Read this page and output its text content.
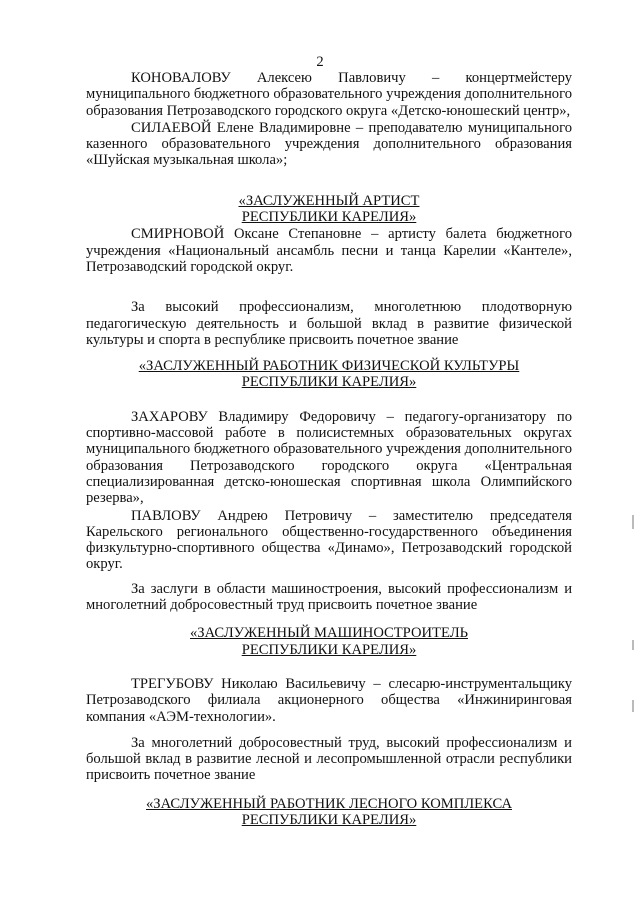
2

КОНОВАЛОВУ Алексею Павловичу – концертмейстеру муниципального бюджетного образовательного учреждения дополнительного образования Петрозаводского городского округа «Детско-юношеский центр»,

СИЛАЕВОЙ Елене Владимировне – преподавателю муниципального казенного образовательного учреждения дополнительного образования «Шуйская музыкальная школа»;

«ЗАСЛУЖЕННЫЙ АРТИСТ
РЕСПУБЛИКИ КАРЕЛИЯ»

СМИРНОВОЙ Оксане Степановне – артисту балета бюджетного учреждения «Национальный ансамбль песни и танца Карелии «Кантеле», Петрозаводский городской округ.

За высокий профессионализм, многолетнюю плодотворную педагогическую деятельность и большой вклад в развитие физической культуры и спорта в республике присвоить почетное звание

«ЗАСЛУЖЕННЫЙ РАБОТНИК ФИЗИЧЕСКОЙ КУЛЬТУРЫ
РЕСПУБЛИКИ КАРЕЛИЯ»

ЗАХАРОВУ Владимиру Федоровичу – педагогу-организатору по спортивно-массовой работе в полисистемных образовательных округах муниципального бюджетного образовательного учреждения дополнительного образования Петрозаводского городского округа «Центральная специализированная детско-юношеская спортивная школа Олимпийского резерва»,

ПАВЛОВУ Андрею Петровичу – заместителю председателя Карельского регионального общественно-государственного объединения физкультурно-спортивного общества «Динамо», Петрозаводский городской округ.

За заслуги в области машиностроения, высокий профессионализм и многолетний добросовестный труд присвоить почетное звание

«ЗАСЛУЖЕННЫЙ МАШИНОСТРОИТЕЛЬ
РЕСПУБЛИКИ КАРЕЛИЯ»

ТРЕГУБОВУ Николаю Васильевичу – слесарю-инструментальщику Петрозаводского филиала акционерного общества «Инжиниринговая компания «АЭМ-технологии».

За многолетний добросовестный труд, высокий профессионализм и большой вклад в развитие лесной и лесопромышленной отрасли республики присвоить почетное звание

«ЗАСЛУЖЕННЫЙ РАБОТНИК ЛЕСНОГО КОМПЛЕКСА
РЕСПУБЛИКИ КАРЕЛИЯ»
